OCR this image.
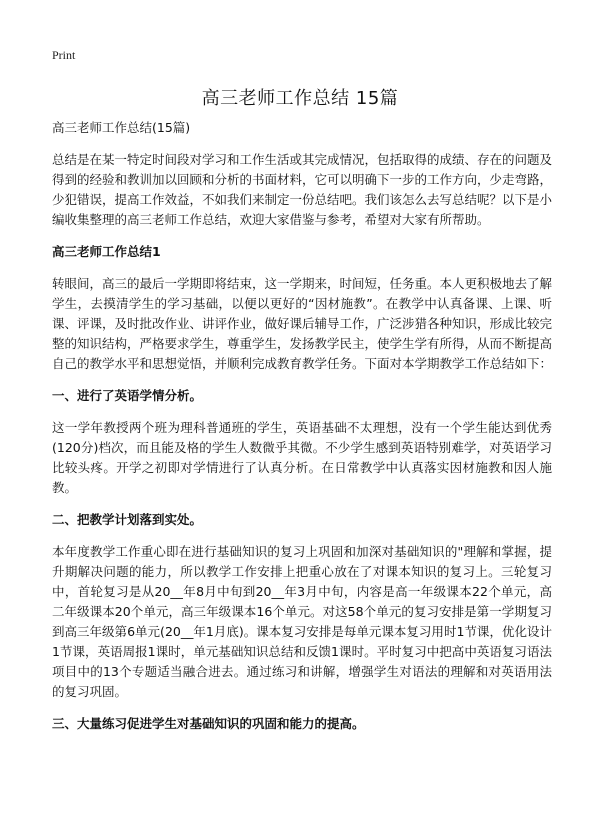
Print
高三老师工作总结 15篇
高三老师工作总结(15篇)

总结是在某一特定时间段对学习和工作生活或其完成情况，包括取得的成绩、存在的问题及得到的经验和教训加以回顾和分析的书面材料，它可以明确下一步的工作方向，少走弯路，少犯错误，提高工作效益，不如我们来制定一份总结吧。我们该怎么去写总结呢？以下是小编收集整理的高三老师工作总结，欢迎大家借鉴与参考，希望对大家有所帮助。

高三老师工作总结1

转眼间，高三的最后一学期即将结束，这一学期来，时间短，任务重。本人更积极地去了解学生，去摸清学生的学习基础，以便以更好的“因材施教”。在教学中认真备课、上课、听课、评课，及时批改作业、讲评作业，做好课后辅导工作，广泛涉猎各种知识，形成比较完整的知识结构，严格要求学生，尊重学生，发扬教学民主，使学生学有所得，从而不断提高自己的教学水平和思想觉悟，并顺利完成教育教学任务。下面对本学期教学工作总结如下：

一、进行了英语学情分析。

这一学年教授两个班为理科普通班的学生，英语基础不太理想，没有一个学生能达到优秀(120分)档次，而且能及格的学生人数微乎其微。不少学生感到英语特别难学，对英语学习比较头疼。开学之初即对学情进行了认真分析。在日常教学中认真落实因材施教和因人施教。

二、把教学计划落到实处。

本年度教学工作重心即在进行基础知识的复习上巩固和加深对基础知识的"理解和掌握，提升期解决问题的能力，所以教学工作安排上把重心放在了对课本知识的复习上。三轮复习中，首轮复习是从20__年8月中旬到20__年3月中旬，内容是高一年级课本22个单元，高二年级课本20个单元，高三年级课本16个单元。对这58个单元的复习安排是第一学期复习到高三年级第6单元(20__年1月底)。课本复习安排是每单元课本复习用时1节课，优化设计1节课，英语周报1课时，单元基础知识总结和反馈1课时。平时复习中把高中英语复习语法项目中的13个专题适当融合进去。通过练习和讲解，增强学生对语法的理解和对英语用法的复习巩固。

三、大量练习促进学生对基础知识的巩固和能力的提高。
